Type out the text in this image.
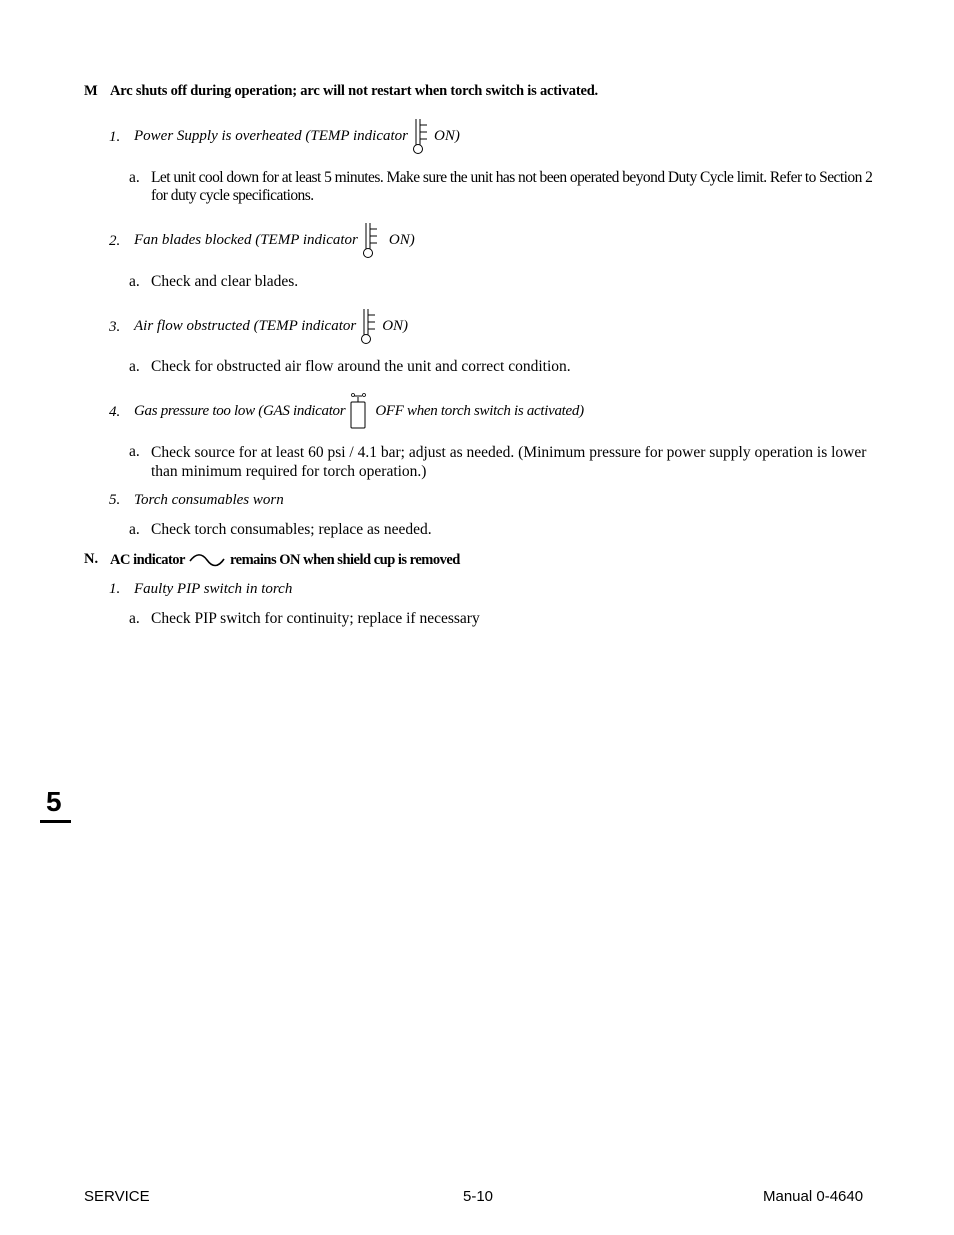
M Arc shuts off during operation; arc will not restart when torch switch is activated.
1. Power Supply is overheated (TEMP indicator ON)
a. Let unit cool down for at least 5 minutes. Make sure the unit has not been operated beyond Duty Cycle limit. Refer to Section 2 for duty cycle specifications.
2. Fan blades blocked (TEMP indicator ON)
a. Check and clear blades.
3. Air flow obstructed (TEMP indicator ON)
a. Check for obstructed air flow around the unit and correct condition.
4. Gas pressure too low (GAS indicator OFF when torch switch is activated)
a. Check source for at least 60 psi / 4.1 bar; adjust as needed. (Minimum pressure for power supply operation is lower than minimum required for torch operation.)
5. Torch consumables worn
a. Check torch consumables; replace as needed.
N. AC indicator	remains ON when shield cup is removed
1. Faulty PIP switch in torch
a. Check PIP switch for continuity; replace if necessary
5
SERVICE	5-10	Manual 0-4640
